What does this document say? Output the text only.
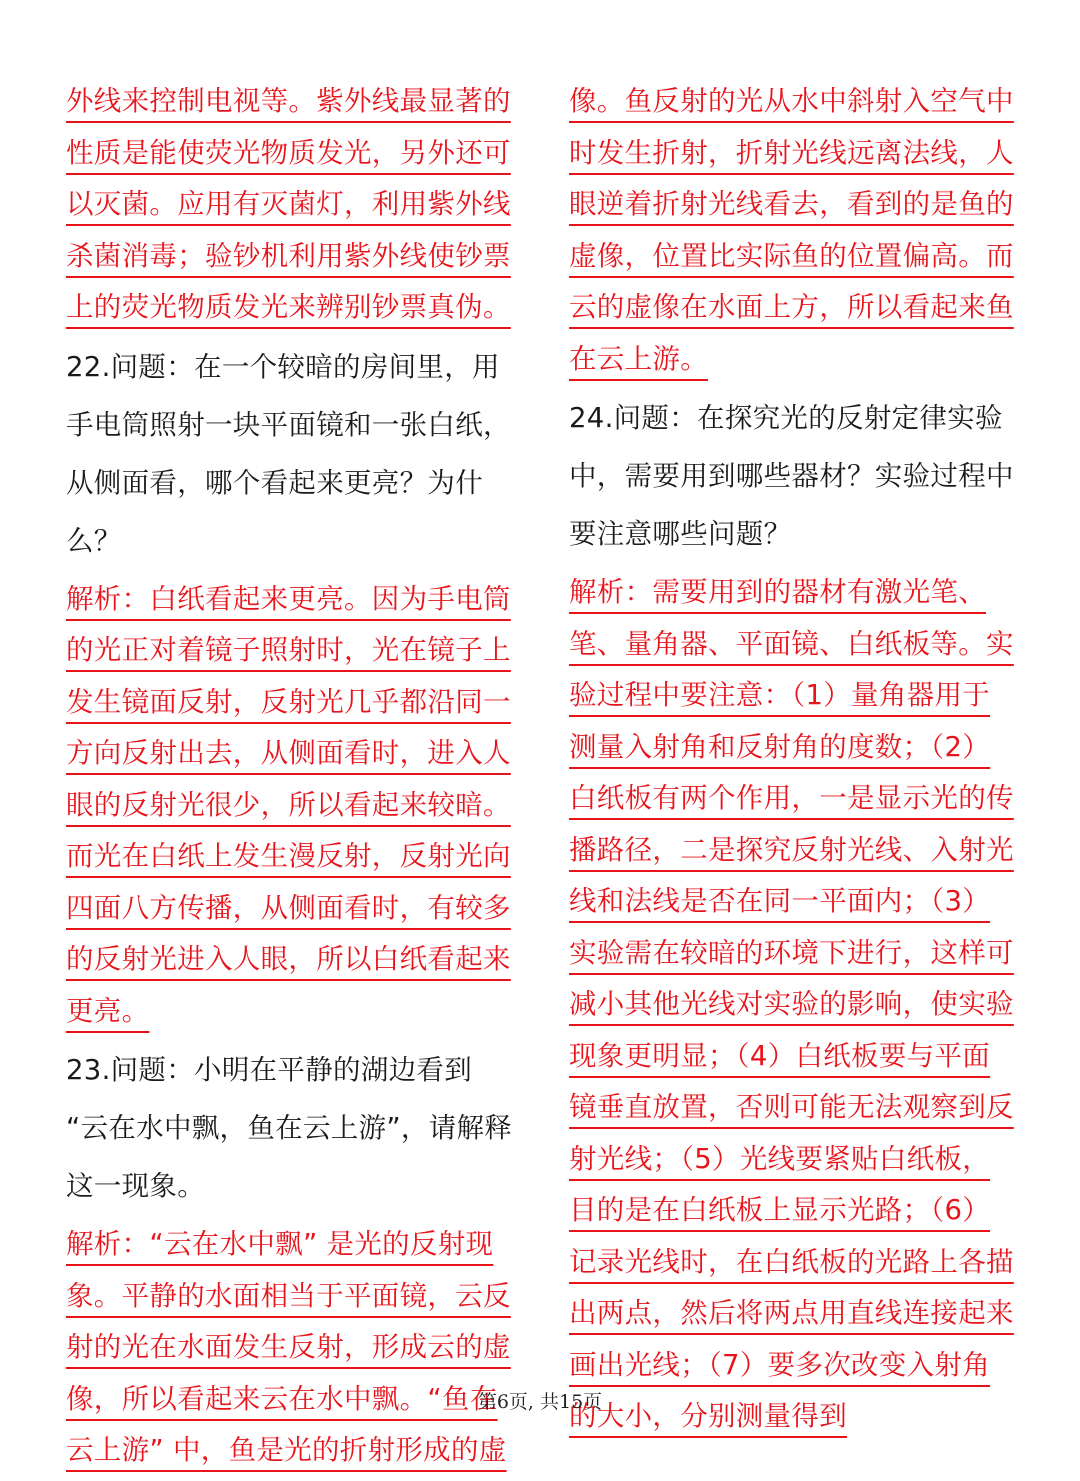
外线来控制电视等。紫外线最显著的性质是能使荧光物质发光，另外还可以灭菌。应用有灭菌灯，利用紫外线杀菌消毒；验钞机利用紫外线使钞票上的荧光物质发光来辨别钞票真伪。

22.问题：在一个较暗的房间里，用手电筒照射一块平面镜和一张白纸，从侧面看，哪个看起来更亮？为什么？

解析：白纸看起来更亮。因为手电筒的光正对着镜子照射时，光在镜子上发生镜面反射，反射光几乎都沿同一方向反射出去，从侧面看时，进入人眼的反射光很少，所以看起来较暗。而光在白纸上发生漫反射，反射光向四面八方传播，从侧面看时，有较多的反射光进入人眼，所以白纸看起来更亮。

23.问题：小明在平静的湖边看到 “云在水中飘，鱼在云上游”，请解释这一现象。

解析：“云在水中飘” 是光的反射现象。平静的水面相当于平面镜，云反射的光在水面发生反射，形成云的虚像，所以看起来云在水中飘。“鱼在云上游” 中，鱼是光的折射形成的虚

像。鱼反射的光从水中斜射入空气中时发生折射，折射光线远离法线，人眼逆着折射光线看去，看到的是鱼的虚像，位置比实际鱼的位置偏高。而云的虚像在水面上方，所以看起来鱼在云上游。

24.问题：在探究光的反射定律实验中，需要用到哪些器材？实验过程中要注意哪些问题？

解析：需要用到的器材有激光笔、笔、量角器、平面镜、白纸板等。实验过程中要注意：（1）量角器用于测量入射角和反射角的度数；（2）白纸板有两个作用，一是显示光的传播路径，二是探究反射光线、入射光线和法线是否在同一平面内；（3）实验需在较暗的环境下进行，这样可减小其他光线对实验的影响，使实验现象更明显；（4）白纸板要与平面镜垂直放置，否则可能无法观察到反射光线；（5）光线要紧贴白纸板，目的是在白纸板上显示光路；（6）记录光线时，在白纸板的光路上各描出两点，然后将两点用直线连接起来画出光线；（7）要多次改变入射角的大小，分别测量得到

第6页, 共15页
